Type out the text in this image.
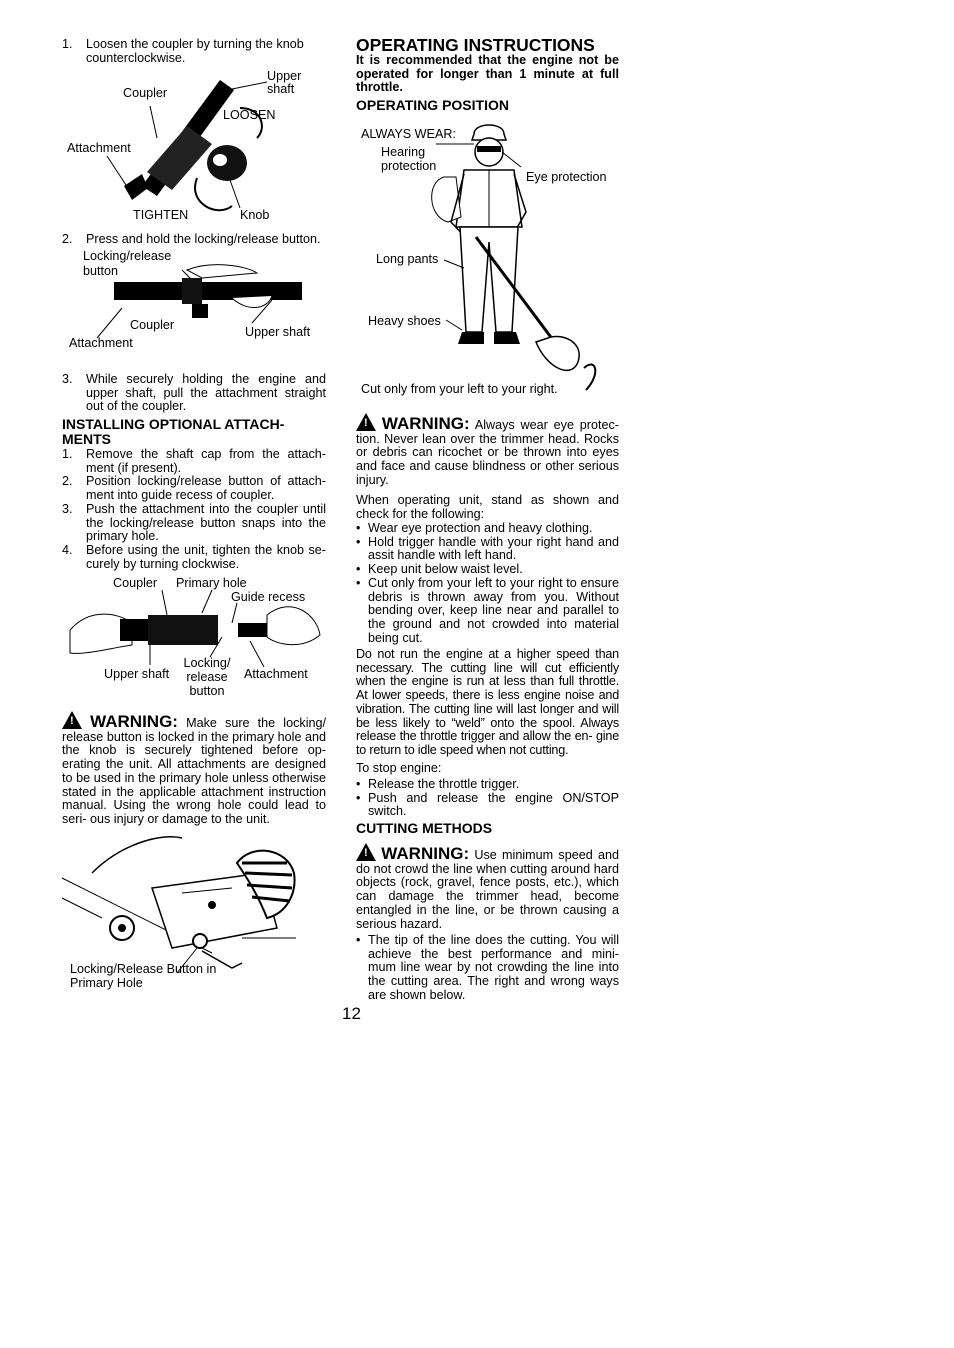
1. Loosen the coupler by turning the knob counterclockwise.
Upper shaft
Coupler
LOOSEN
Attachment
TIGHTEN	Knob
2. Press and hold the locking/release button.
Locking/release button
Coupler	Upper shaft
Attachment
3. While securely holding the engine and upper shaft, pull the attachment straight out of the coupler.
INSTALLING OPTIONAL ATTACH- MENTS
1. Remove the shaft cap from the attach- ment (if present).
2. Position locking/release button of attach- ment into guide recess of coupler.
3. Push the attachment into the coupler until the locking/release button snaps into the primary hole.
4. Before using the unit, tighten the knob se- curely by turning clockwise.
Coupler Primary hole
Guide recess
Upper shaft
Locking/ release button
Attachment
! WARNING: Make sure the locking/ release button is locked in the primary hole and the knob is securely tightened before op- erating the unit. All attachments are designed to be used in the primary hole unless otherwise stated in the applicable attachment instruction manual. Using the wrong hole could lead to seri- ous injury or damage to the unit.
Locking/Release Button in Primary Hole
12
OPERATING INSTRUCTIONS
It is recommended that the engine not be operated for longer than 1 minute at full throttle.
OPERATING POSITION
ALWAYS WEAR:
Hearing protection
Eye protection
Long pants
Heavy shoes
Cut only from your left to your right.
! WARNING: Always wear eye protec- tion. Never lean over the trimmer head. Rocks or debris can ricochet or be thrown into eyes and face and cause blindness or other serious injury.
When operating unit, stand as shown and check for the following:
• Wear eye protection and heavy clothing.
• Hold trigger handle with your right hand and assit handle with left hand.
• Keep unit below waist level.
• Cut only from your left to your right to ensure debris is thrown away from you. Without bending over, keep line near and parallel to the ground and not crowded into material being cut.
Do not run the engine at a higher speed than necessary. The cutting line will cut efficiently when the engine is run at less than full throttle. At lower speeds, there is less engine noise and vibration. The cutting line will last longer and will be less likely to “weld” onto the spool. Always release the throttle trigger and allow the en- gine to return to idle speed when not cutting.
To stop engine:
• Release the throttle trigger.
• Push and release the engine ON/STOP switch.
CUTTING METHODS
! WARNING: Use minimum speed and do not crowd the line when cutting around hard objects (rock, gravel, fence posts, etc.), which can damage the trimmer head, become entangled in the line, or be thrown causing a serious hazard.
• The tip of the line does the cutting. You will achieve the best performance and mini- mum line wear by not crowding the line into the cutting area. The right and wrong ways are shown below.
